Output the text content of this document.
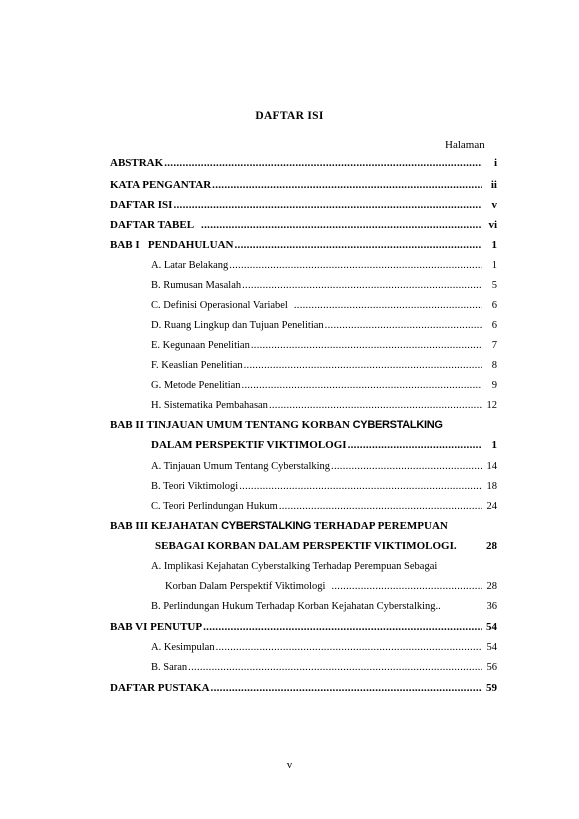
DAFTAR ISI
Halaman
ABSTRAK .....	i
KATA PENGANTAR .....	ii
DAFTAR ISI .....	v
DAFTAR TABEL .....	vi
BAB I   PENDAHULUAN .....	1
A. Latar Belakang .....	1
B. Rumusan Masalah .....	5
C. Definisi Operasional Variabel .....	6
D. Ruang Lingkup dan Tujuan Penelitian .....	6
E. Kegunaan Penelitian .....	7
F. Keaslian Penelitian .....	8
G. Metode Penelitian .....	9
H. Sistematika Pembahasan .....	12
BAB II TINJAUAN UMUM TENTANG KORBAN CYBERSTALKING
DALAM PERSPEKTIF VIKTIMOLOGI .....	1
A. Tinjauan Umum Tentang Cyberstalking .....	14
B. Teori Viktimologi .....	18
C. Teori Perlindungan Hukum .....	24
BAB III KEJAHATAN CYBERSTALKING TERHADAP PEREMPUAN
SEBAGAI KORBAN DALAM PERSPEKTIF VIKTIMOLOGI.	28
A. Implikasi Kejahatan Cyberstalking Terhadap Perempuan Sebagai
Korban Dalam Perspektif Viktimologi .....	28
B. Perlindungan Hukum Terhadap Korban Kejahatan Cyberstalking..	36
BAB VI PENUTUP .....	54
A. Kesimpulan .....	54
B. Saran .....	56
DAFTAR PUSTAKA .....	59
v
